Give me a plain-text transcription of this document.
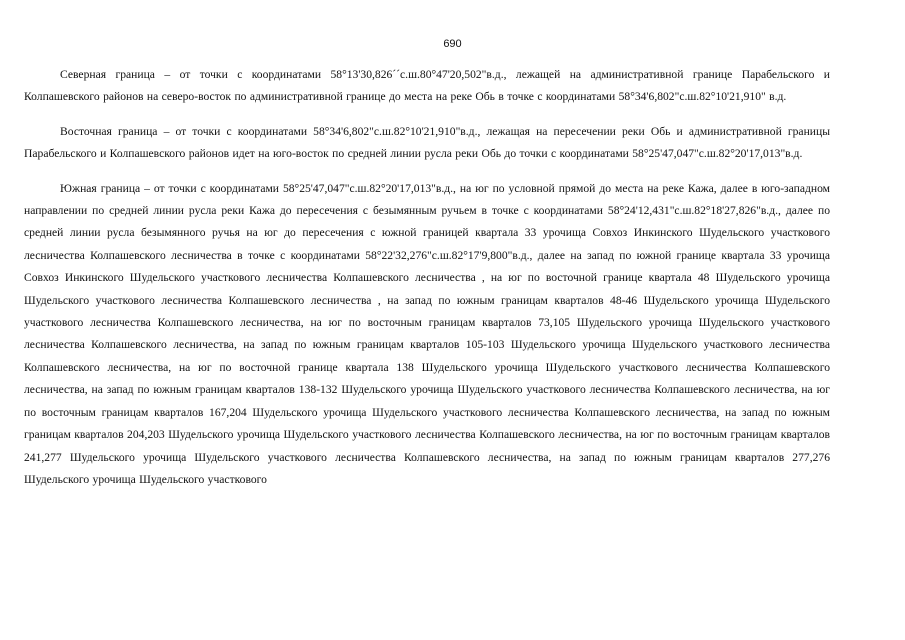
690

Северная граница – от точки с координатами 58°13'30,826´´с.ш.80°47'20,502"в.д., лежащей на административной границе Парабельского и Колпашевского районов на северо-восток по административной границе до места на реке Обь в точке с координатами 58°34'6,802"с.ш.82°10'21,910" в.д.

Восточная граница – от точки с координатами 58°34'6,802"с.ш.82°10'21,910"в.д., лежащая на пересечении реки Обь и административной границы Парабельского и Колпашевского районов идет на юго-восток по средней линии русла реки Обь до точки с координатами 58°25'47,047"с.ш.82°20'17,013"в.д.

Южная граница – от точки с координатами 58°25'47,047"с.ш.82°20'17,013"в.д., на юг по условной прямой до места на реке Кажа, далее в юго-западном направлении по средней линии русла реки Кажа до пересечения с безымянным ручьем в точке с координатами 58°24'12,431"с.ш.82°18'27,826"в.д., далее по средней линии русла безымянного ручья на юг до пересечения с южной границей квартала 33 урочища Совхоз Инкинского Шудельского участкового лесничества Колпашевского лесничества в точке с координатами 58°22'32,276"с.ш.82°17'9,800"в.д., далее на запад по южной границе квартала 33 урочища Совхоз Инкинского Шудельского участкового лесничества Колпашевского лесничества , на юг по восточной границе квартала 48 Шудельского урочища Шудельского участкового лесничества Колпашевского лесничества , на запад по южным границам кварталов 48-46 Шудельского урочища Шудельского участкового лесничества Колпашевского лесничества, на юг по восточным границам кварталов 73,105 Шудельского урочища Шудельского участкового лесничества Колпашевского лесничества, на запад по южным границам кварталов 105-103 Шудельского урочища Шудельского участкового лесничества Колпашевского лесничества, на юг по восточной границе квартала 138 Шудельского урочища Шудельского участкового лесничества Колпашевского лесничества, на запад по южным границам кварталов 138-132 Шудельского урочища Шудельского участкового лесничества Колпашевского лесничества, на юг по восточным границам кварталов 167,204 Шудельского урочища Шудельского участкового лесничества Колпашевского лесничества, на запад по южным границам кварталов 204,203 Шудельского урочища Шудельского участкового лесничества Колпашевского лесничества, на юг по восточным границам кварталов 241,277 Шудельского урочища Шудельского участкового лесничества Колпашевского лесничества, на запад по южным границам кварталов 277,276 Шудельского урочища Шудельского участкового
